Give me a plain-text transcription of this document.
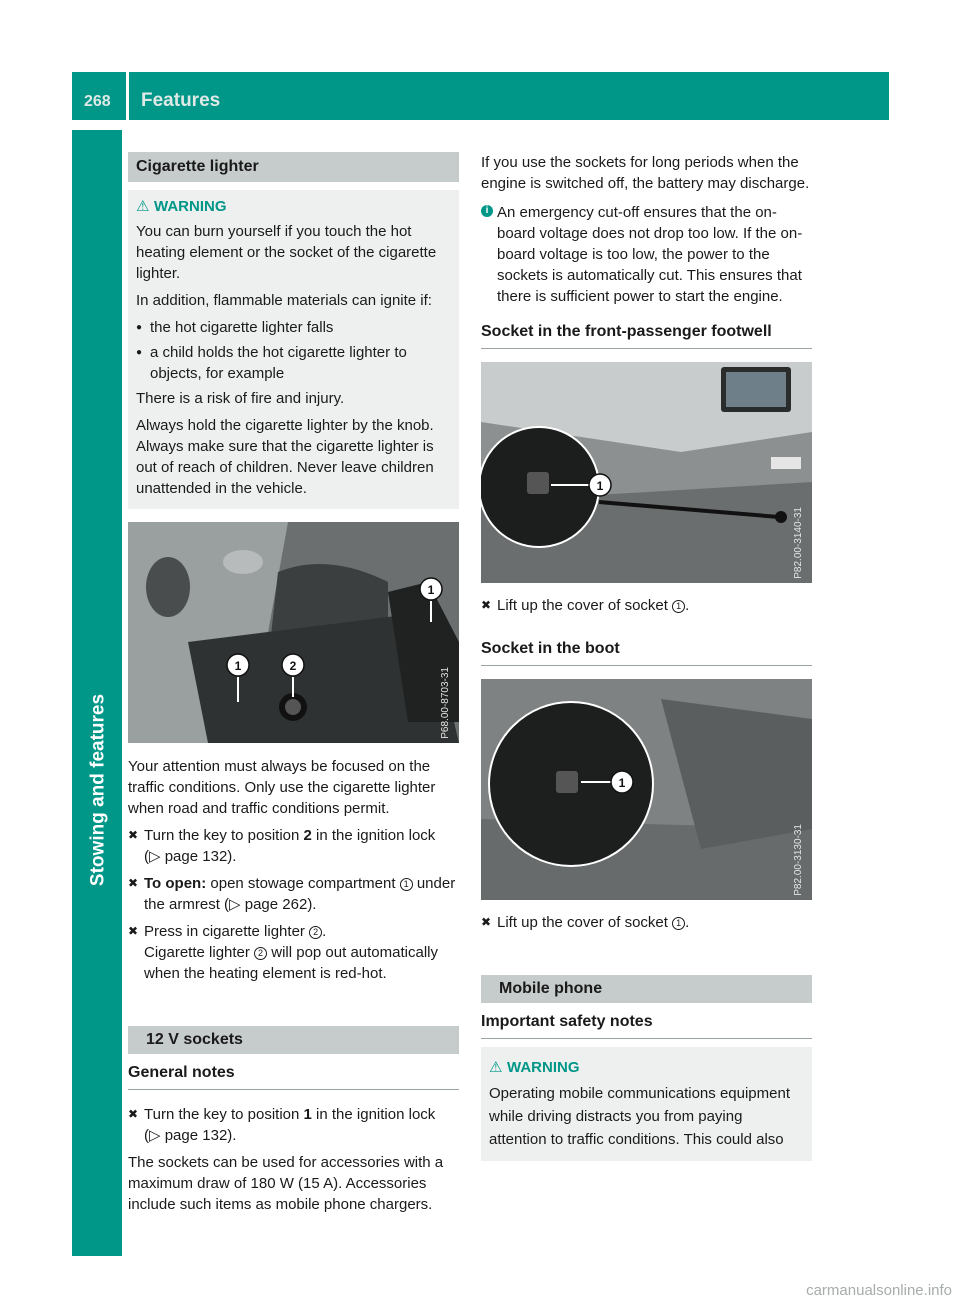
268 Features
Stowing and features
Cigarette lighter
⚠ WARNING

You can burn yourself if you touch the hot heating element or the socket of the cigarette lighter.

In addition, flammable materials can ignite if:

● the hot cigarette lighter falls
● a child holds the hot cigarette lighter to objects, for example

There is a risk of fire and injury.

Always hold the cigarette lighter by the knob. Always make sure that the cigarette lighter is out of reach of children. Never leave children unattended in the vehicle.

2
1
1
P68.00-8703-31

Your attention must always be focused on the traffic conditions. Only use the cigarette lighter when road and traffic conditions permit.

✖ Turn the key to position 2 in the ignition lock (▷ page 132).
✖ To open: open stowage compartment 1 under the armrest (▷ page 262).
✖ Press in cigarette lighter 2 .
Cigarette lighter 2 will pop out automatically when the heating element is red-hot.
12 V sockets
General notes
✖ Turn the key to position 1 in the ignition lock (▷ page 132).

The sockets can be used for accessories with a maximum draw of 180 W (15 A). Accessories include such items as mobile phone chargers.

If you use the sockets for long periods when the engine is switched off, the battery may discharge.

i An emergency cut-off ensures that the on-board voltage does not drop too low. If the on-board voltage is too low, the power to the sockets is automatically cut. This ensures that there is sufficient power to start the engine.
Socket in the front-passenger footwell
1
P82.00-3140-31
✖ Lift up the cover of socket 1 .
Socket in the boot
1
P82.00-3130-31
✖ Lift up the cover of socket 1 .
Mobile phone
Important safety notes
⚠ WARNING

Operating mobile communications equipment while driving distracts you from paying attention to traffic conditions. This could also

carmanualsonline.info
